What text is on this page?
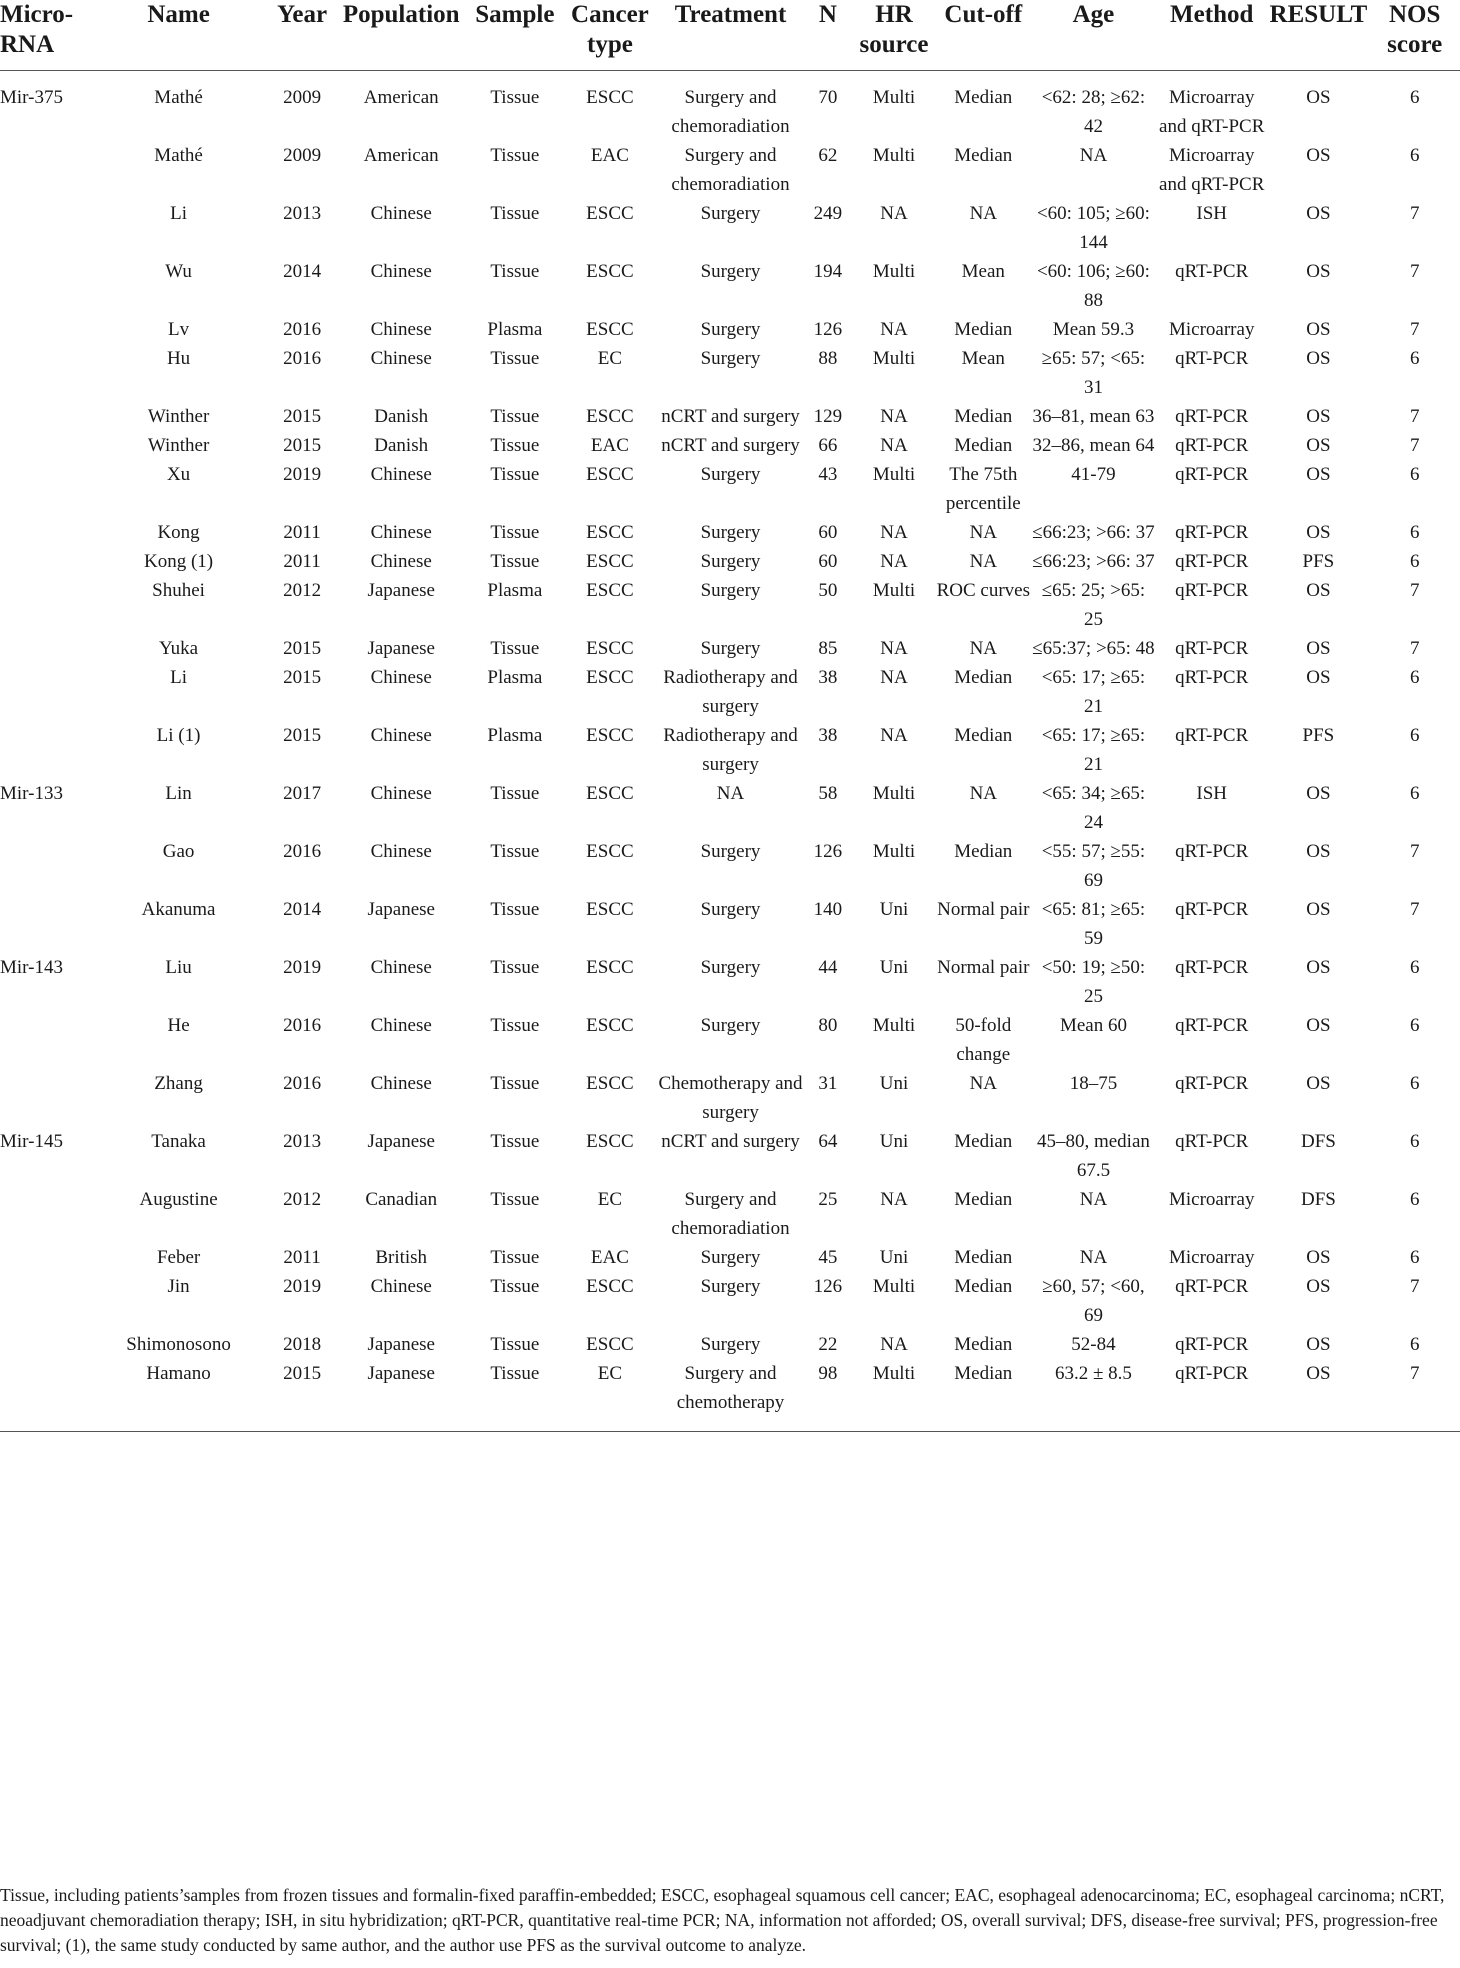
Micro-RNA	Name	Year	Population	Sample	Cancer type	Treatment	N	HR source	Cut-off	Age	Method	RESULT	NOS score
Mir-375	Mathé	2009	American	Tissue	ESCC	Surgery and chemoradiation	70	Multi	Median	<62: 28; ≥62: 42	Microarray and qRT-PCR	OS	6
	Mathé	2009	American	Tissue	EAC	Surgery and chemoradiation	62	Multi	Median	NA	Microarray and qRT-PCR	OS	6
	Li	2013	Chinese	Tissue	ESCC	Surgery	249	NA	NA	<60: 105; ≥60: 144	ISH	OS	7
	Wu	2014	Chinese	Tissue	ESCC	Surgery	194	Multi	Mean	<60: 106; ≥60: 88	qRT-PCR	OS	7
	Lv	2016	Chinese	Plasma	ESCC	Surgery	126	NA	Median	Mean 59.3	Microarray	OS	7
	Hu	2016	Chinese	Tissue	EC	Surgery	88	Multi	Mean	≥65: 57; <65: 31	qRT-PCR	OS	6
	Winther	2015	Danish	Tissue	ESCC	nCRT and surgery	129	NA	Median	36–81, mean 63	qRT-PCR	OS	7
	Winther	2015	Danish	Tissue	EAC	nCRT and surgery	66	NA	Median	32–86, mean 64	qRT-PCR	OS	7
	Xu	2019	Chinese	Tissue	ESCC	Surgery	43	Multi	The 75th percentile	41-79	qRT-PCR	OS	6
	Kong	2011	Chinese	Tissue	ESCC	Surgery	60	NA	NA	≤66:23; >66: 37	qRT-PCR	OS	6
	Kong (1)	2011	Chinese	Tissue	ESCC	Surgery	60	NA	NA	≤66:23; >66: 37	qRT-PCR	PFS	6
	Shuhei	2012	Japanese	Plasma	ESCC	Surgery	50	Multi	ROC curves	≤65: 25; >65: 25	qRT-PCR	OS	7
	Yuka	2015	Japanese	Tissue	ESCC	Surgery	85	NA	NA	≤65:37; >65: 48	qRT-PCR	OS	7
	Li	2015	Chinese	Plasma	ESCC	Radiotherapy and surgery	38	NA	Median	<65: 17; ≥65: 21	qRT-PCR	OS	6
	Li (1)	2015	Chinese	Plasma	ESCC	Radiotherapy and surgery	38	NA	Median	<65: 17; ≥65: 21	qRT-PCR	PFS	6
Mir-133	Lin	2017	Chinese	Tissue	ESCC	NA	58	Multi	NA	<65: 34; ≥65: 24	ISH	OS	6
	Gao	2016	Chinese	Tissue	ESCC	Surgery	126	Multi	Median	<55: 57; ≥55: 69	qRT-PCR	OS	7
	Akanuma	2014	Japanese	Tissue	ESCC	Surgery	140	Uni	Normal pair	<65: 81; ≥65: 59	qRT-PCR	OS	7
Mir-143	Liu	2019	Chinese	Tissue	ESCC	Surgery	44	Uni	Normal pair	<50: 19; ≥50: 25	qRT-PCR	OS	6
	He	2016	Chinese	Tissue	ESCC	Surgery	80	Multi	50-fold change	Mean 60	qRT-PCR	OS	6
	Zhang	2016	Chinese	Tissue	ESCC	Chemotherapy and surgery	31	Uni	NA	18–75	qRT-PCR	OS	6
Mir-145	Tanaka	2013	Japanese	Tissue	ESCC	nCRT and surgery	64	Uni	Median	45–80, median 67.5	qRT-PCR	DFS	6
	Augustine	2012	Canadian	Tissue	EC	Surgery and chemoradiation	25	NA	Median	NA	Microarray	DFS	6
	Feber	2011	British	Tissue	EAC	Surgery	45	Uni	Median	NA	Microarray	OS	6
	Jin	2019	Chinese	Tissue	ESCC	Surgery	126	Multi	Median	≥60, 57; <60, 69	qRT-PCR	OS	7
	Shimonosono	2018	Japanese	Tissue	ESCC	Surgery	22	NA	Median	52-84	qRT-PCR	OS	6
	Hamano	2015	Japanese	Tissue	EC	Surgery and chemotherapy	98	Multi	Median	63.2 ± 8.5	qRT-PCR	OS	7
Tissue, including patients’samples from frozen tissues and formalin-fixed paraffin-embedded; ESCC, esophageal squamous cell cancer; EAC, esophageal adenocarcinoma; EC, esophageal carcinoma; nCRT, neoadjuvant chemoradiation therapy; ISH, in situ hybridization; qRT-PCR, quantitative real-time PCR; NA, information not afforded; OS, overall survival; DFS, disease-free survival; PFS, progression-free survival; (1), the same study conducted by same author, and the author use PFS as the survival outcome to analyze.
